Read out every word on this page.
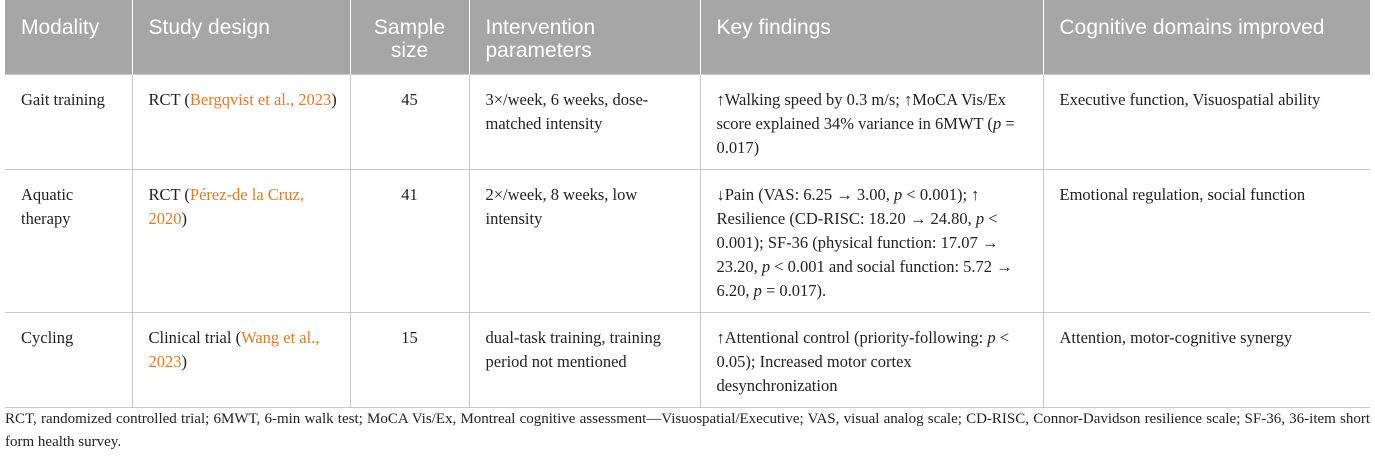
Modality	Study design	Sample size	Intervention parameters	Key findings	Cognitive domains improved
Gait training	RCT (Bergqvist et al., 2023)	45	3×/week, 6 weeks, dose-matched intensity	↑Walking speed by 0.3 m/s; ↑MoCA Vis/Ex score explained 34% variance in 6MWT (p = 0.017)	Executive function, Visuospatial ability
Aquatic therapy	RCT (Pérez-de la Cruz, 2020)	41	2×/week, 8 weeks, low intensity	↓Pain (VAS: 6.25 → 3.00, p < 0.001); ↑ Resilience (CD-RISC: 18.20 → 24.80, p < 0.001); SF-36 (physical function: 17.07 → 23.20, p < 0.001 and social function: 5.72 → 6.20, p = 0.017).	Emotional regulation, social function
Cycling	Clinical trial (Wang et al., 2023)	15	dual-task training, training period not mentioned	↑Attentional control (priority-following: p < 0.05); Increased motor cortex desynchronization	Attention, motor-cognitive synergy
RCT, randomized controlled trial; 6MWT, 6-min walk test; MoCA Vis/Ex, Montreal cognitive assessment—Visuospatial/Executive; VAS, visual analog scale; CD-RISC, Connor-Davidson resilience scale; SF-36, 36-item short form health survey.
